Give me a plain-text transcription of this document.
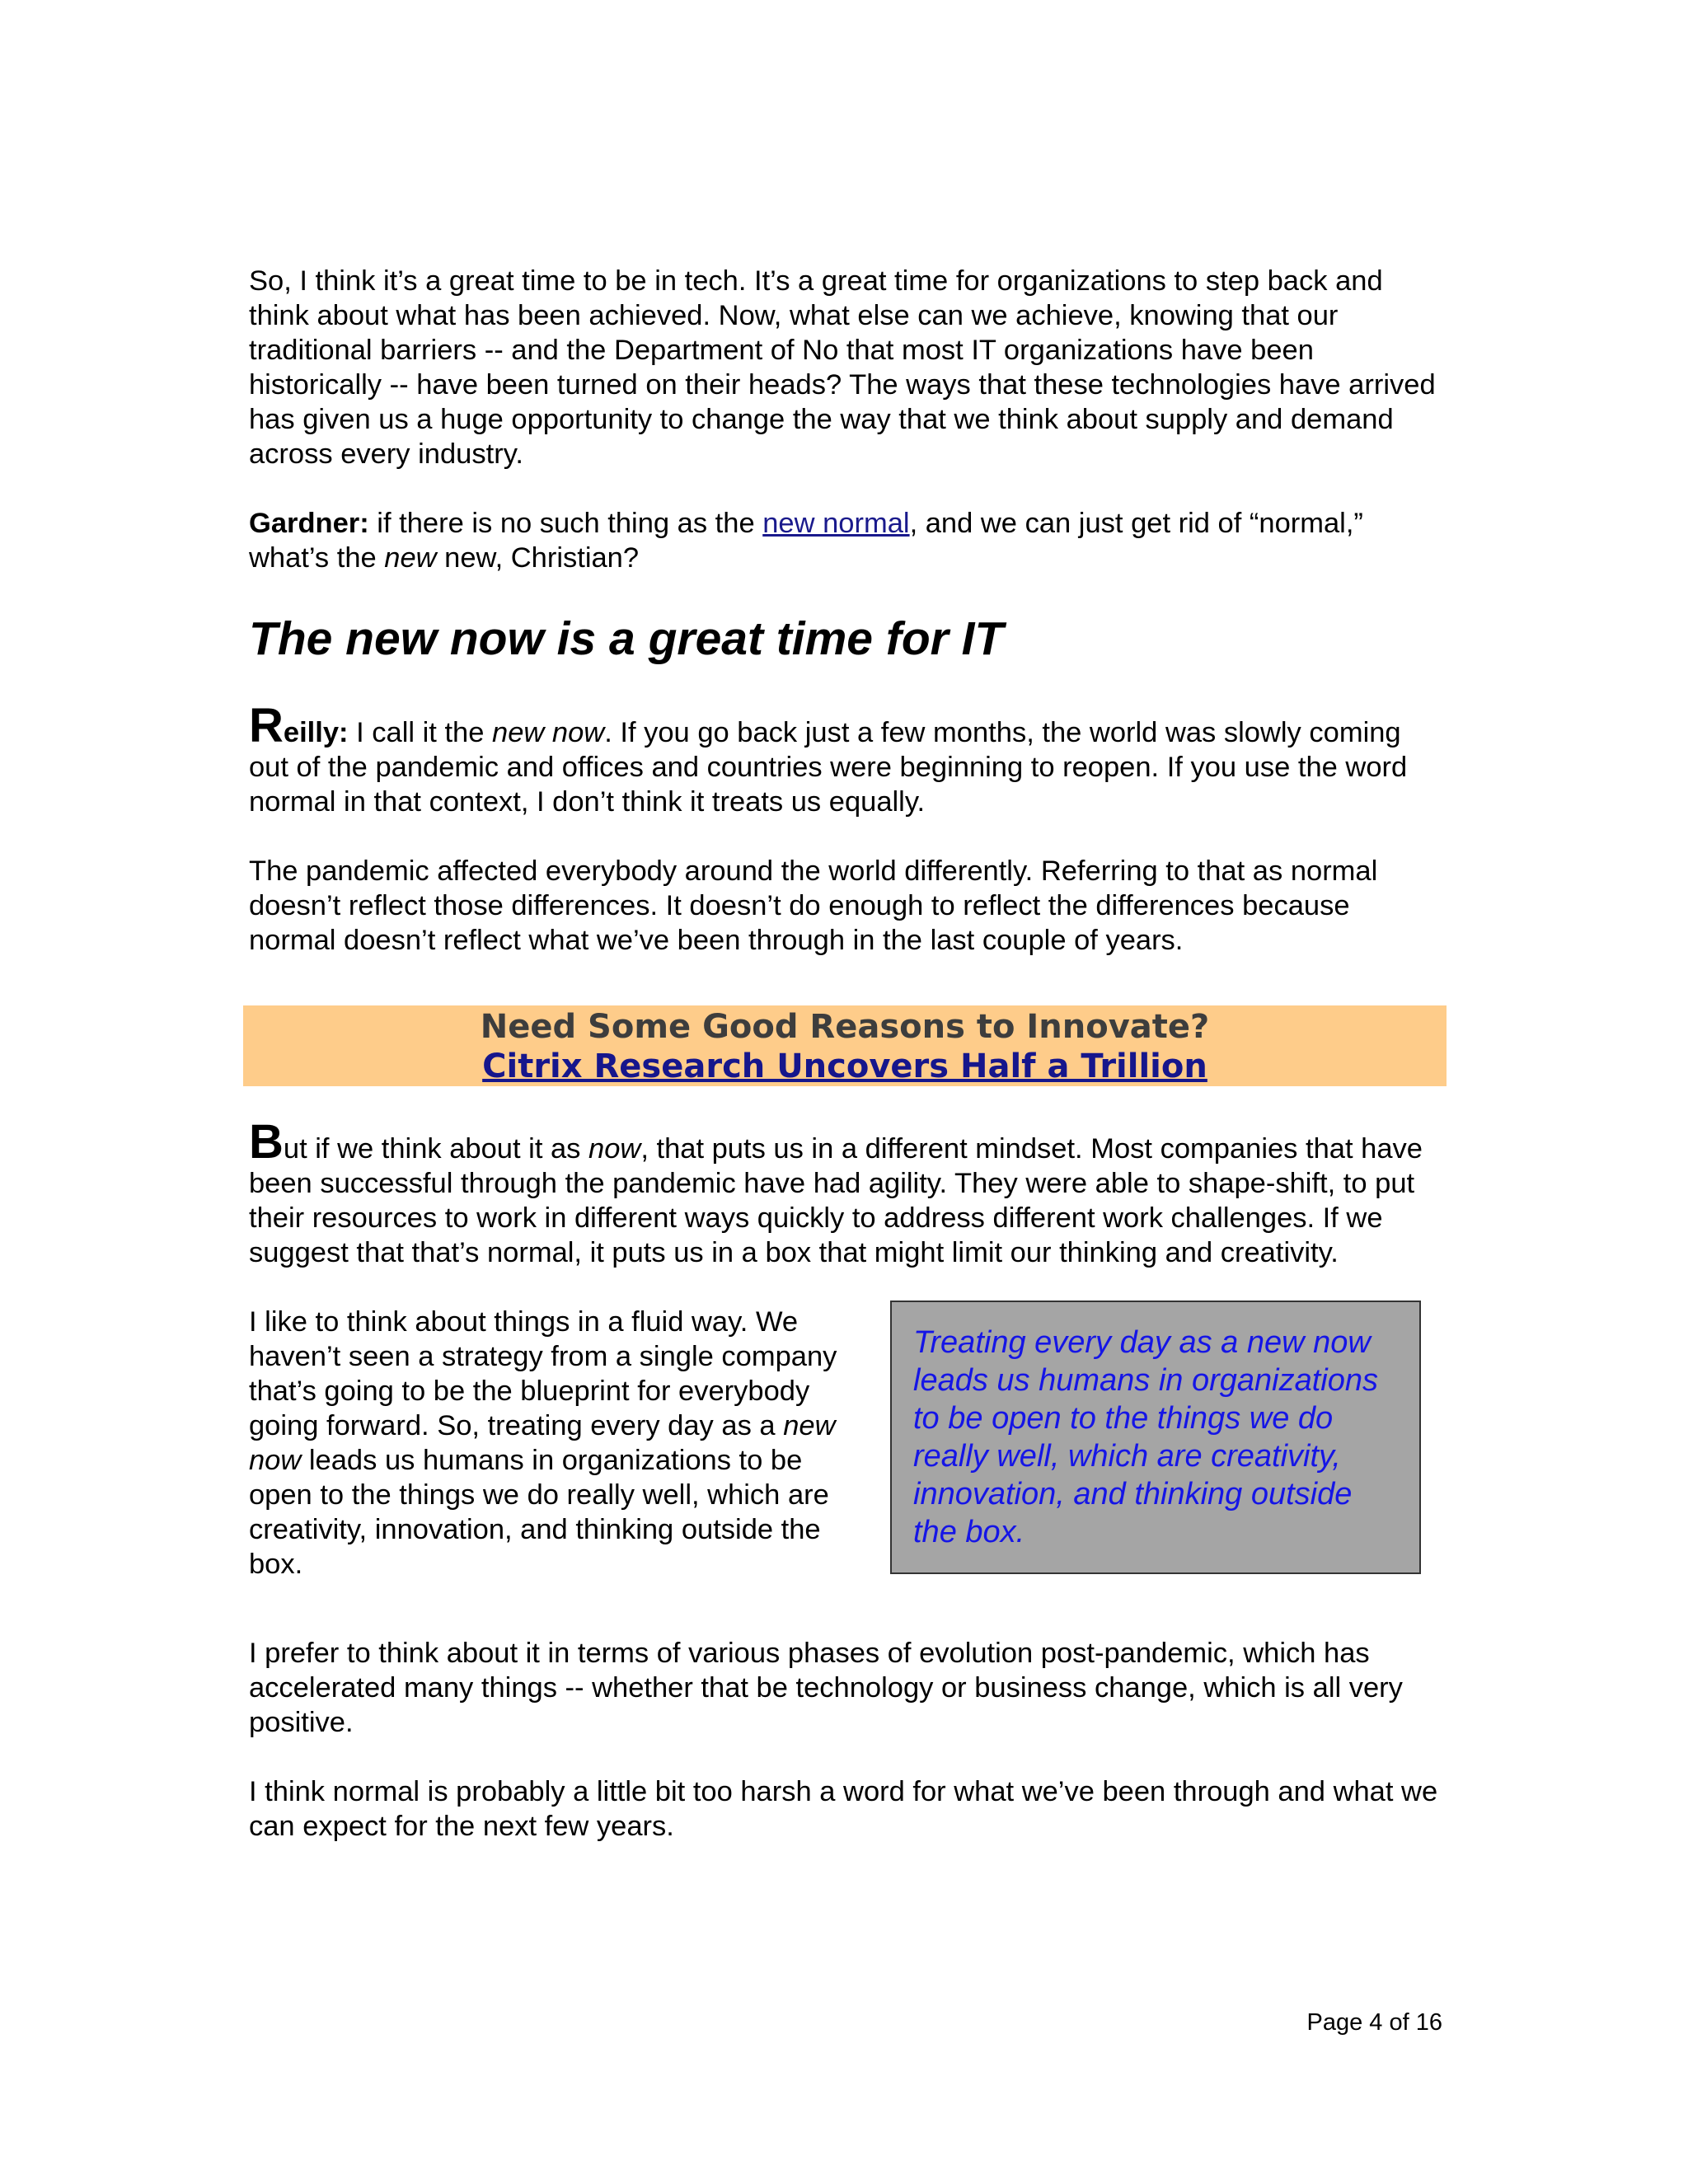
So, I think it’s a great time to be in tech. It’s a great time for organizations to step back and think about what has been achieved. Now, what else can we achieve, knowing that our traditional barriers -- and the Department of No that most IT organizations have been historically -- have been turned on their heads? The ways that these technologies have arrived has given us a huge opportunity to change the way that we think about supply and demand across every industry.

Gardner: if there is no such thing as the new normal, and we can just get rid of “normal,” what’s the new new, Christian?

The new now is a great time for IT

Reilly: I call it the new now. If you go back just a few months, the world was slowly coming out of the pandemic and offices and countries were beginning to reopen. If you use the word normal in that context, I don’t think it treats us equally.

The pandemic affected everybody around the world differently. Referring to that as normal doesn’t reflect those differences. It doesn’t do enough to reflect the differences because normal doesn’t reflect what we’ve been through in the last couple of years.

Need Some Good Reasons to Innovate?
Citrix Research Uncovers Half a Trillion

But if we think about it as now, that puts us in a different mindset. Most companies that have been successful through the pandemic have had agility. They were able to shape-shift, to put their resources to work in different ways quickly to address different work challenges. If we suggest that that’s normal, it puts us in a box that might limit our thinking and creativity.

I like to think about things in a fluid way. We haven’t seen a strategy from a single company that’s going to be the blueprint for everybody going forward. So, treating every day as a new now leads us humans in organizations to be open to the things we do really well, which are creativity, innovation, and thinking outside the box.

Treating every day as a new now leads us humans in organizations to be open to the things we do really well, which are creativity, innovation, and thinking outside the box.

I prefer to think about it in terms of various phases of evolution post-pandemic, which has accelerated many things -- whether that be technology or business change, which is all very positive.

I think normal is probably a little bit too harsh a word for what we’ve been through and what we can expect for the next few years.

Page 4 of 16
